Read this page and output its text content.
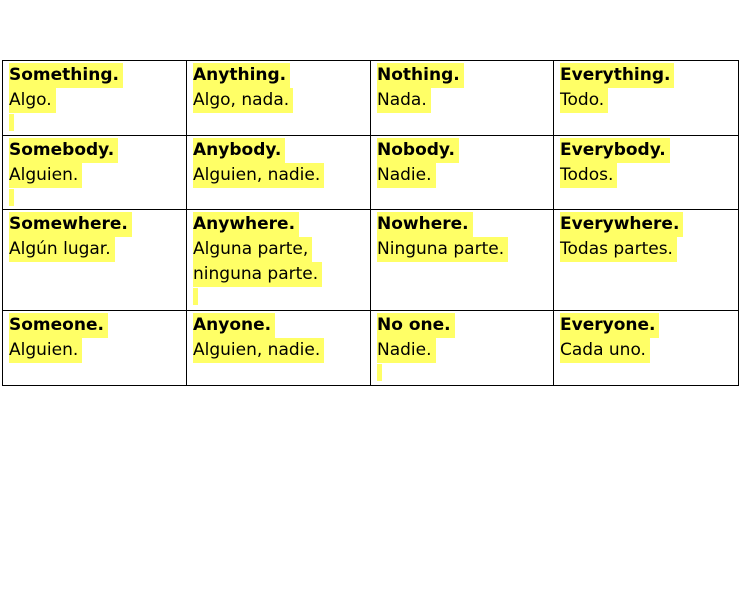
Something.
Algo.	Anything.
Algo, nada.	Nothing.
Nada.	Everything.
Todo.

Somebody.
Alguien.	Anybody.
Alguien, nadie.	Nobody.
Nadie.	Everybody.
Todos.

Somewhere.
Algún lugar.	Anywhere.
Alguna parte,
ninguna parte.	Nowhere.
Ninguna parte.	Everywhere.
Todas partes.

Someone.
Alguien.	Anyone.
Alguien, nadie.	No one.
Nadie.	Everyone.
Cada uno.
